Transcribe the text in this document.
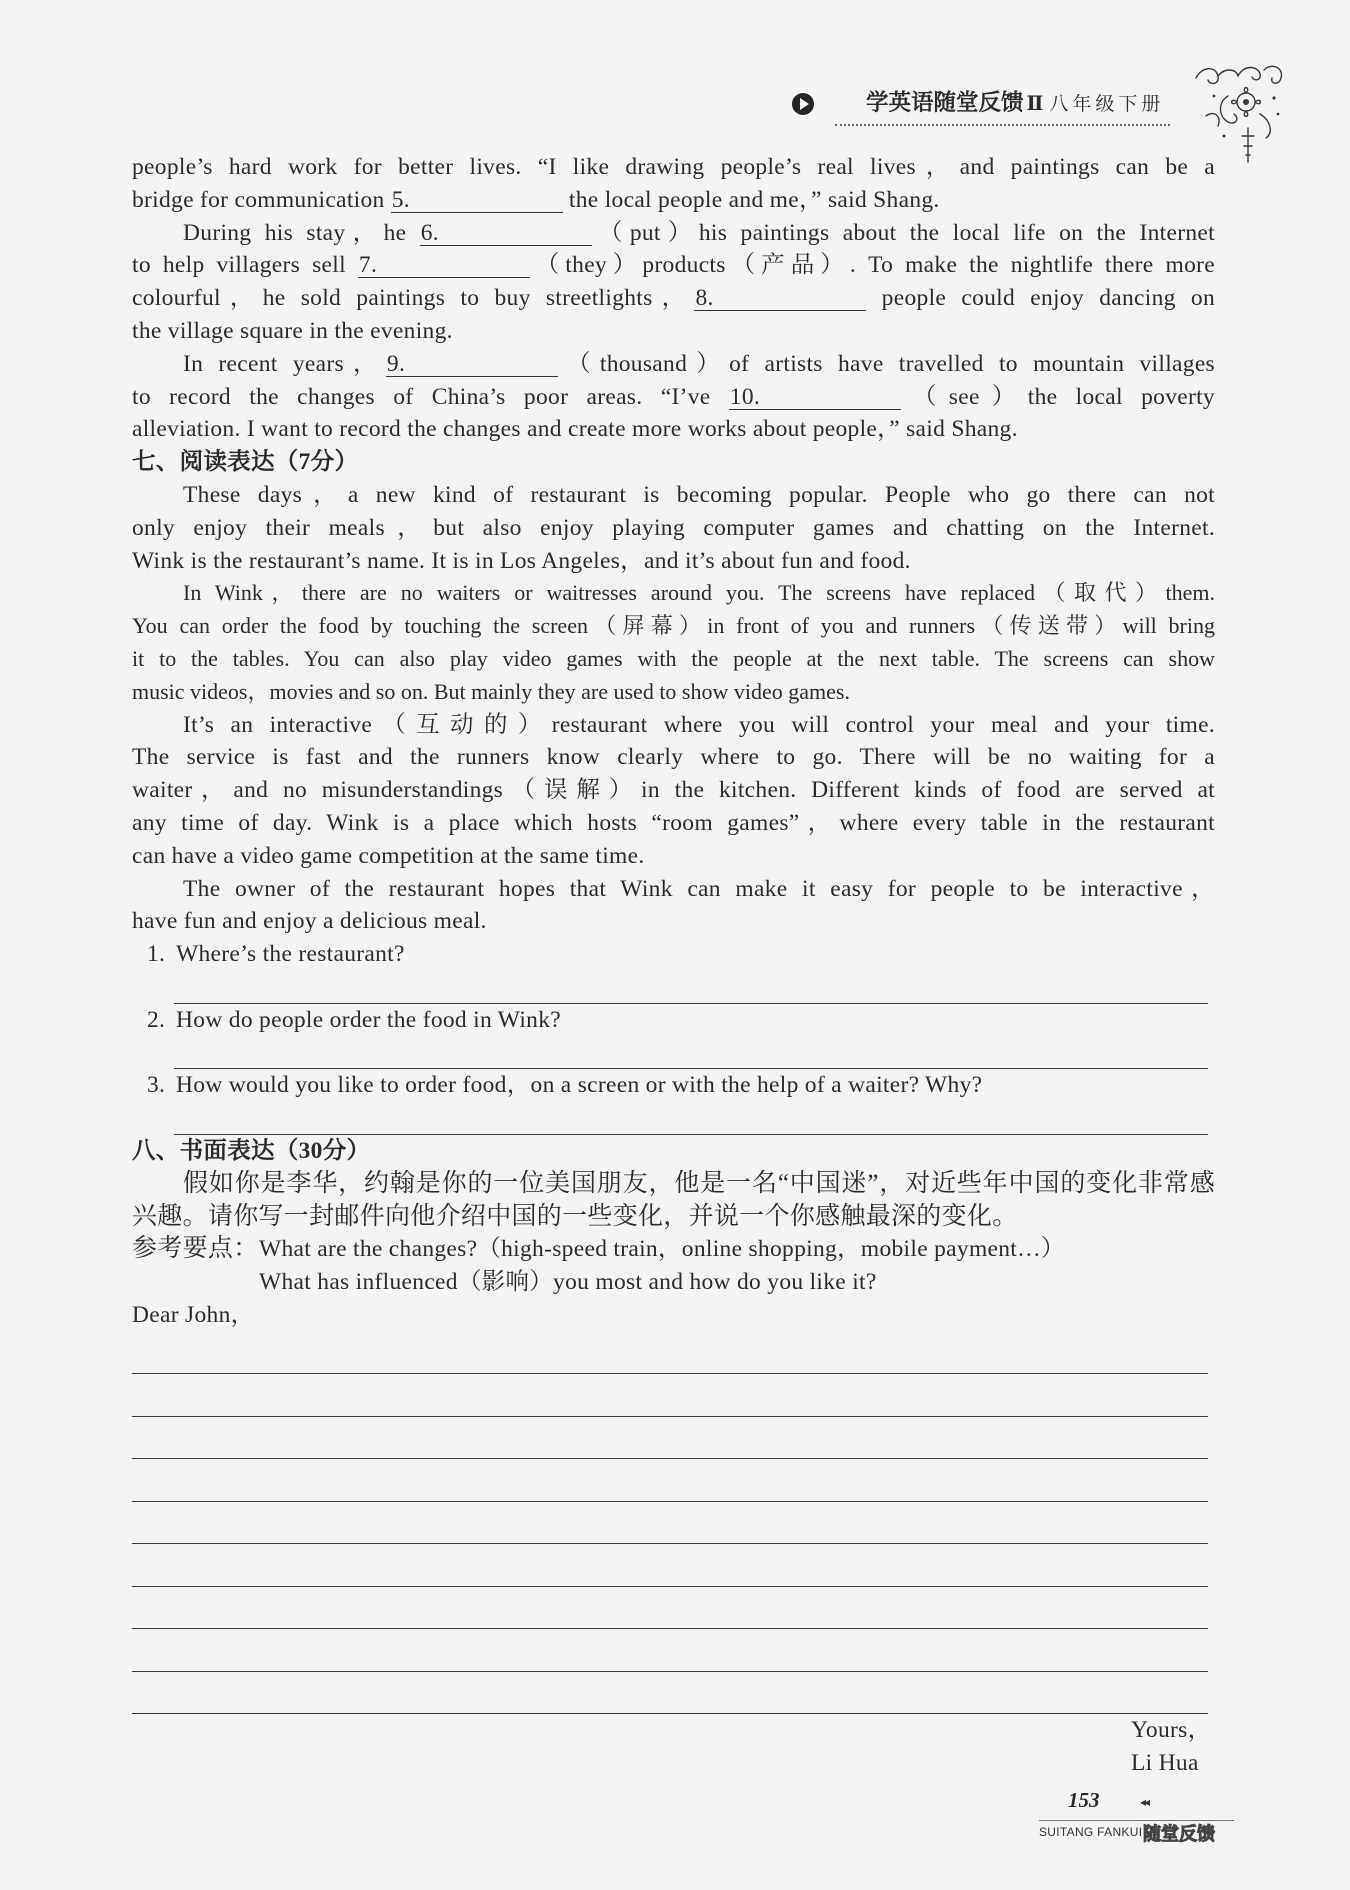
学英语随堂反馈 Ⅱ 八年级下册
people’s hard work for better lives. “I like drawing people’s real lives，and paintings can be a
bridge for communication 5.	the local people and me，” said Shang.
During his stay，he 6.	（put）his paintings about the local life on the Internet
to help villagers sell 7.	（they）products（产品）. To make the nightlife there more
colourful，he sold paintings to buy streetlights，8.	people could enjoy dancing on
the village square in the evening.
In recent years，9.	（thousand）of artists have travelled to mountain villages
to record the changes of China’s poor areas. “I’ve 10.	（see）the local poverty
alleviation. I want to record the changes and create more works about people，” said Shang.
七、阅读表达（7分）
These days，a new kind of restaurant is becoming popular. People who go there can not
only enjoy their meals，but also enjoy playing computer games and chatting on the Internet.
Wink is the restaurant’s name. It is in Los Angeles，and it’s about fun and food.
In Wink，there are no waiters or waitresses around you. The screens have replaced（取代）them.
You can order the food by touching the screen（屏幕）in front of you and runners（传送带）will bring
it to the tables. You can also play video games with the people at the next table. The screens can show
music videos，movies and so on. But mainly they are used to show video games.
It’s an interactive（互动的）restaurant where you will control your meal and your time.
The service is fast and the runners know clearly where to go. There will be no waiting for a
waiter，and no misunderstandings（误解）in the kitchen. Different kinds of food are served at
any time of day. Wink is a place which hosts “room games”，where every table in the restaurant
can have a video game competition at the same time.
The owner of the restaurant hopes that Wink can make it easy for people to be interactive，
have fun and enjoy a delicious meal.
1. Where’s the restaurant?
2. How do people order the food in Wink?
3. How would you like to order food，on a screen or with the help of a waiter? Why?
八、书面表达（30分）
假如你是李华，约翰是你的一位美国朋友，他是一名“中国迷”，对近些年中国的变化非常感
兴趣。请你写一封邮件向他介绍中国的一些变化，并说一个你感触最深的变化。
参考要点： What are the changes?（high-speed train，online shopping，mobile payment…）
What has influenced（影响）you most and how do you like it?
Dear John，
Yours，
Li Hua
153	◂◂
SUITANG FANKUI 随堂反馈
